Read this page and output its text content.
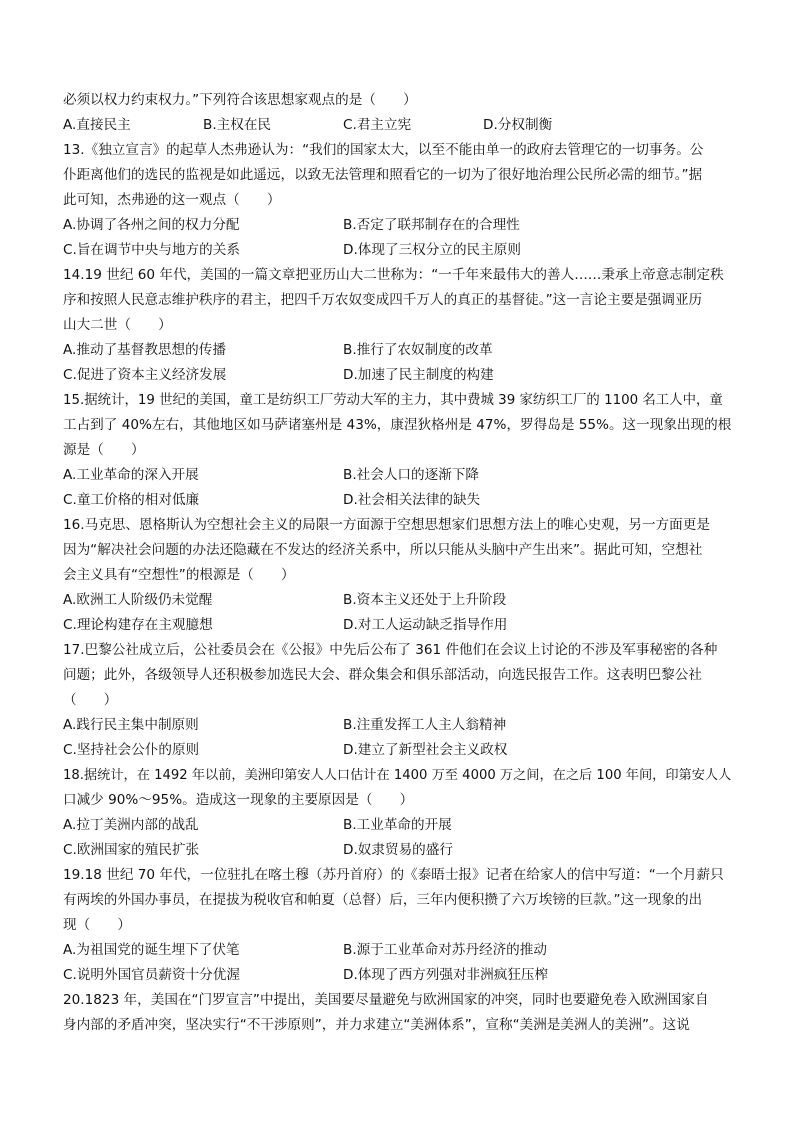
必须以权力约束权力。”下列符合该思想家观点的是（　　）
A.直接民主	B.主权在民	C.君主立宪	D.分权制衡
13.《独立宣言》的起草人杰弗逊认为：“我们的国家太大，以至不能由单一的政府去管理它的一切事务。公
仆距离他们的选民的监视是如此遥远，以致无法管理和照看它的一切为了很好地治理公民所必需的细节。”据
此可知，杰弗逊的这一观点（　　）
A.协调了各州之间的权力分配	B.否定了联邦制存在的合理性
C.旨在调节中央与地方的关系	D.体现了三权分立的民主原则
14.19 世纪 60 年代，美国的一篇文章把亚历山大二世称为：“一千年来最伟大的善人……秉承上帝意志制定秩
序和按照人民意志维护秩序的君主，把四千万农奴变成四千万人的真正的基督徒。”这一言论主要是强调亚历
山大二世（　　）
A.推动了基督教思想的传播	B.推行了农奴制度的改革
C.促进了资本主义经济发展	D.加速了民主制度的构建
15.据统计，19 世纪的美国，童工是纺织工厂劳动大军的主力，其中费城 39 家纺织工厂的 1100 名工人中，童
工占到了 40%左右，其他地区如马萨诸塞州是 43%，康涅狄格州是 47%，罗得岛是 55%。这一现象出现的根
源是（　　）
A.工业革命的深入开展	B.社会人口的逐渐下降
C.童工价格的相对低廉	D.社会相关法律的缺失
16.马克思、恩格斯认为空想社会主义的局限一方面源于空想思想家们思想方法上的唯心史观，另一方面更是
因为“解决社会问题的办法还隐藏在不发达的经济关系中，所以只能从头脑中产生出来”。据此可知，空想社
会主义具有“空想性”的根源是（　　）
A.欧洲工人阶级仍未觉醒	B.资本主义还处于上升阶段
C.理论构建存在主观臆想	D.对工人运动缺乏指导作用
17.巴黎公社成立后，公社委员会在《公报》中先后公布了 361 件他们在会议上讨论的不涉及军事秘密的各种
问题；此外，各级领导人还积极参加选民大会、群众集会和俱乐部活动，向选民报告工作。这表明巴黎公社
（　　）
A.践行民主集中制原则	B.注重发挥工人主人翁精神
C.坚持社会公仆的原则	D.建立了新型社会主义政权
18.据统计，在 1492 年以前，美洲印第安人人口估计在 1400 万至 4000 万之间，在之后 100 年间，印第安人人
口减少 90%～95%。造成这一现象的主要原因是（　　）
A.拉丁美洲内部的战乱	B.工业革命的开展
C.欧洲国家的殖民扩张	D.奴隶贸易的盛行
19.18 世纪 70 年代，一位驻扎在喀土穆（苏丹首府）的《泰晤士报》记者在给家人的信中写道：“一个月薪只
有两埃的外国办事员，在提拔为税收官和帕夏（总督）后，三年内便积攒了六万埃镑的巨款。”这一现象的出
现（　　）
A.为祖国党的诞生埋下了伏笔	B.源于工业革命对苏丹经济的推动
C.说明外国官员薪资十分优渥	D.体现了西方列强对非洲疯狂压榨
20.1823 年，美国在“门罗宣言”中提出，美国要尽量避免与欧洲国家的冲突，同时也要避免卷入欧洲国家自
身内部的矛盾冲突，坚决实行“不干涉原则”，并力求建立“美洲体系”，宣称“美洲是美洲人的美洲”。这说
